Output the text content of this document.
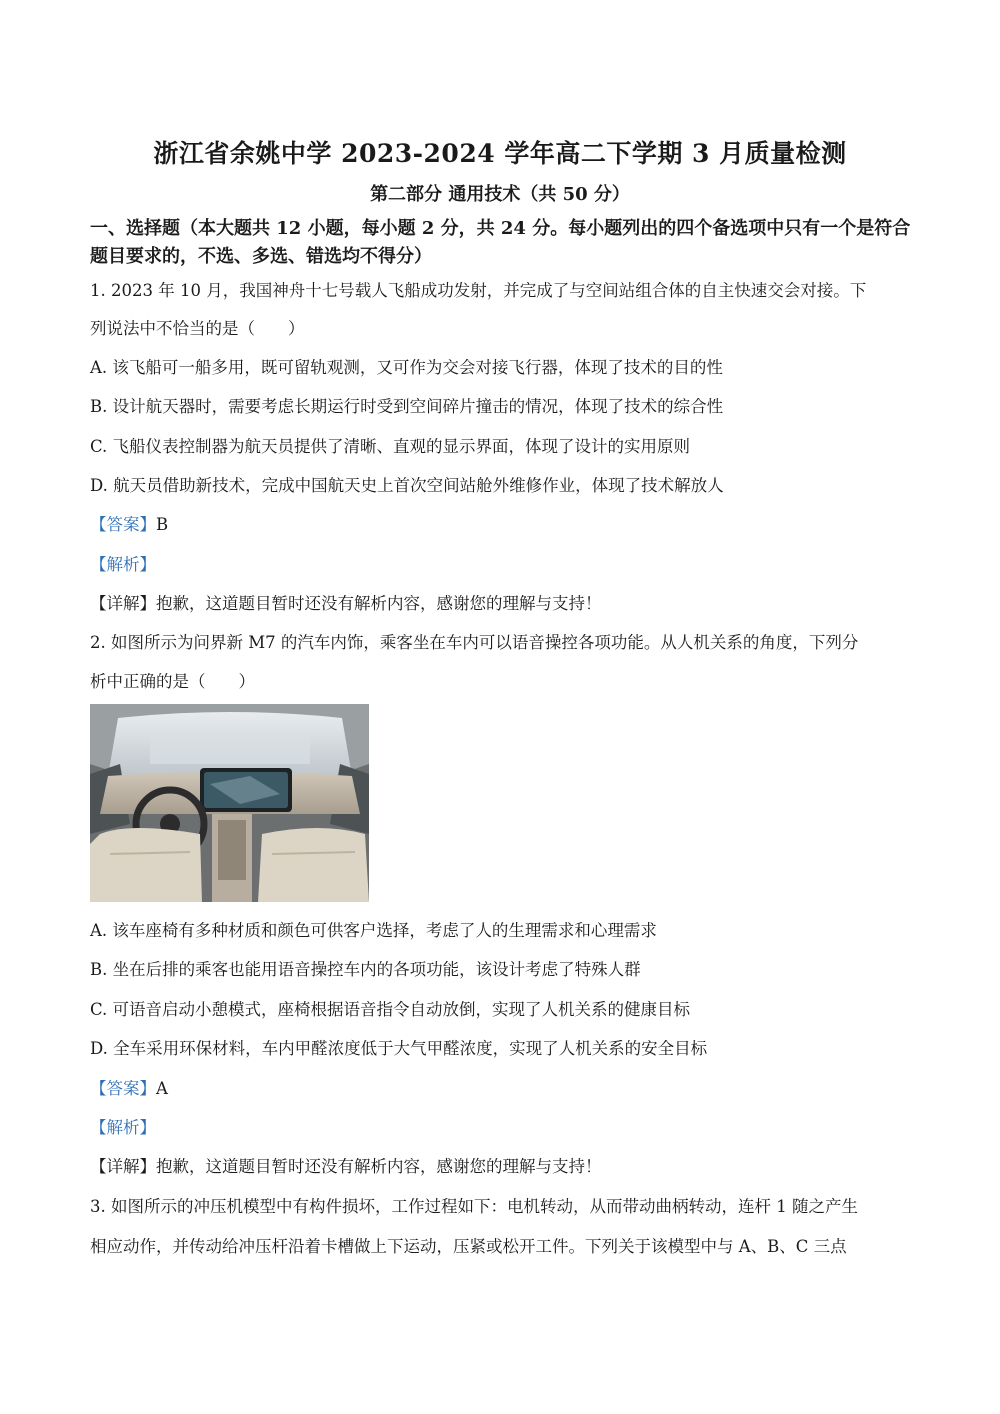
浙江省余姚中学 2023-2024 学年高二下学期 3 月质量检测
第二部分 通用技术（共 50 分）
一、选择题（本大题共 12 小题，每小题 2 分，共 24 分。每小题列出的四个备选项中只有一个是符合题目要求的，不选、多选、错选均不得分）
1. 2023 年 10 月，我国神舟十七号载人飞船成功发射，并完成了与空间站组合体的自主快速交会对接。下
列说法中不恰当的是（　　）
A. 该飞船可一船多用，既可留轨观测，又可作为交会对接飞行器，体现了技术的目的性
B. 设计航天器时，需要考虑长期运行时受到空间碎片撞击的情况，体现了技术的综合性
C. 飞船仪表控制器为航天员提供了清晰、直观的显示界面，体现了设计的实用原则
D. 航天员借助新技术，完成中国航天史上首次空间站舱外维修作业，体现了技术解放人
【答案】B
【解析】
【详解】抱歉，这道题目暂时还没有解析内容，感谢您的理解与支持！
2. 如图所示为问界新 M7 的汽车内饰，乘客坐在车内可以语音操控各项功能。从人机关系的角度，下列分
析中正确的是（　　）
A. 该车座椅有多种材质和颜色可供客户选择，考虑了人的生理需求和心理需求
B. 坐在后排的乘客也能用语音操控车内的各项功能，该设计考虑了特殊人群
C. 可语音启动小憩模式，座椅根据语音指令自动放倒，实现了人机关系的健康目标
D. 全车采用环保材料，车内甲醛浓度低于大气甲醛浓度，实现了人机关系的安全目标
【答案】A
【解析】
【详解】抱歉，这道题目暂时还没有解析内容，感谢您的理解与支持！
3. 如图所示的冲压机模型中有构件损坏，工作过程如下：电机转动，从而带动曲柄转动，连杆 1 随之产生
相应动作，并传动给冲压杆沿着卡槽做上下运动，压紧或松开工件。下列关于该模型中与 A、B、C 三点
